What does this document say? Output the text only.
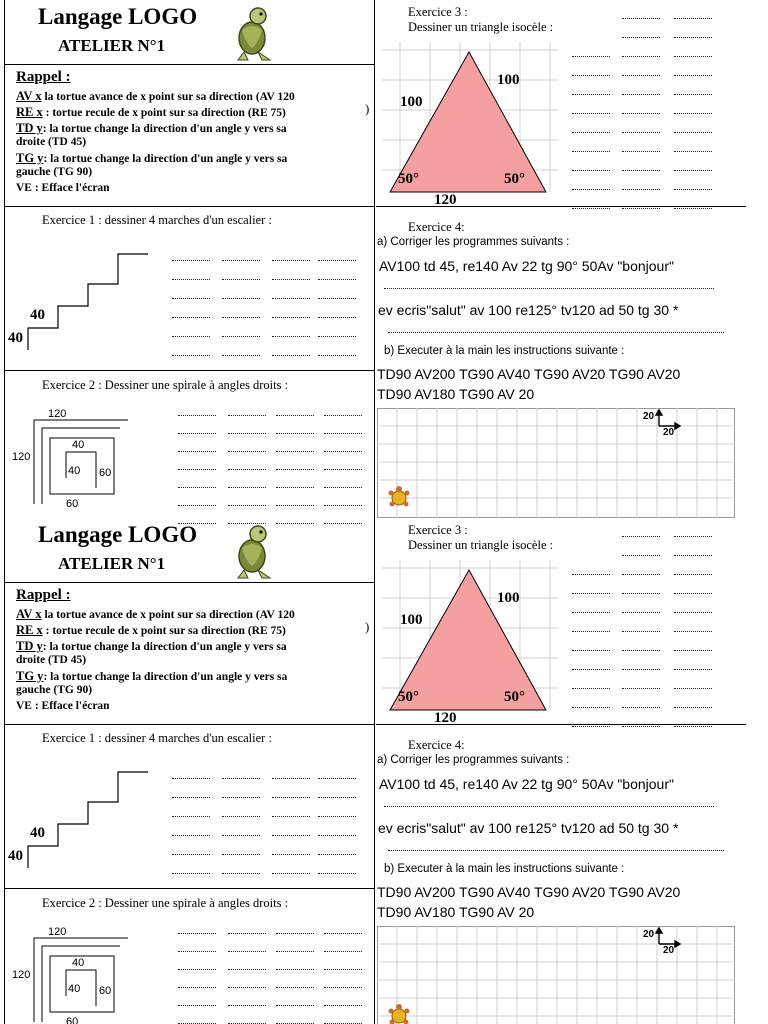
Langage LOGO
ATELIER N°1
Rappel :
AV x la tortue avance de x point sur sa direction (AV 120
RE x : tortue recule de x point sur sa direction (RE 75)	)
TD y: la tortue change la direction d'un angle y vers sa
droite (TD 45)
TG y: la tortue change la direction d'un angle y vers sa
gauche (TG 90)
VE : Efface l'écran
Exercice 1 : dessiner 4 marches d'un escalier :
40
40
Exercice 2 : Dessiner une spirale à angles droits :
120
120
40
40 60
60
Exercice 3 :
Dessiner un triangle isocèle :
100
100
50°	50°
120
Exercice 4:
a) Corriger les programmes suivants :
AV100 td 45, re140 Av 22 tg 90° 50Av "bonjour"
ev ecris"salut" av 100 re125° tv120 ad 50 tg 30 *
b) Executer à la main les instructions suivante :
TD90 AV200 TG90 AV40 TG90 AV20 TG90 AV20
TD90 AV180 TG90 AV 20
20
20
Langage LOGO
ATELIER N°1
Rappel :
AV x la tortue avance de x point sur sa direction (AV 120
RE x : tortue recule de x point sur sa direction (RE 75)	)
TD y: la tortue change la direction d'un angle y vers sa
droite (TD 45)
TG y: la tortue change la direction d'un angle y vers sa
gauche (TG 90)
VE : Efface l'écran
Exercice 1 : dessiner 4 marches d'un escalier :
40
40
Exercice 2 : Dessiner une spirale à angles droits :
120
120
40
40 60
60
Exercice 3 :
Dessiner un triangle isocèle :
100
100
50°	50°
120
Exercice 4:
a) Corriger les programmes suivants :
AV100 td 45, re140 Av 22 tg 90° 50Av "bonjour"
ev ecris"salut" av 100 re125° tv120 ad 50 tg 30 *
b) Executer à la main les instructions suivante :
TD90 AV200 TG90 AV40 TG90 AV20 TG90 AV20
TD90 AV180 TG90 AV 20
20
20
